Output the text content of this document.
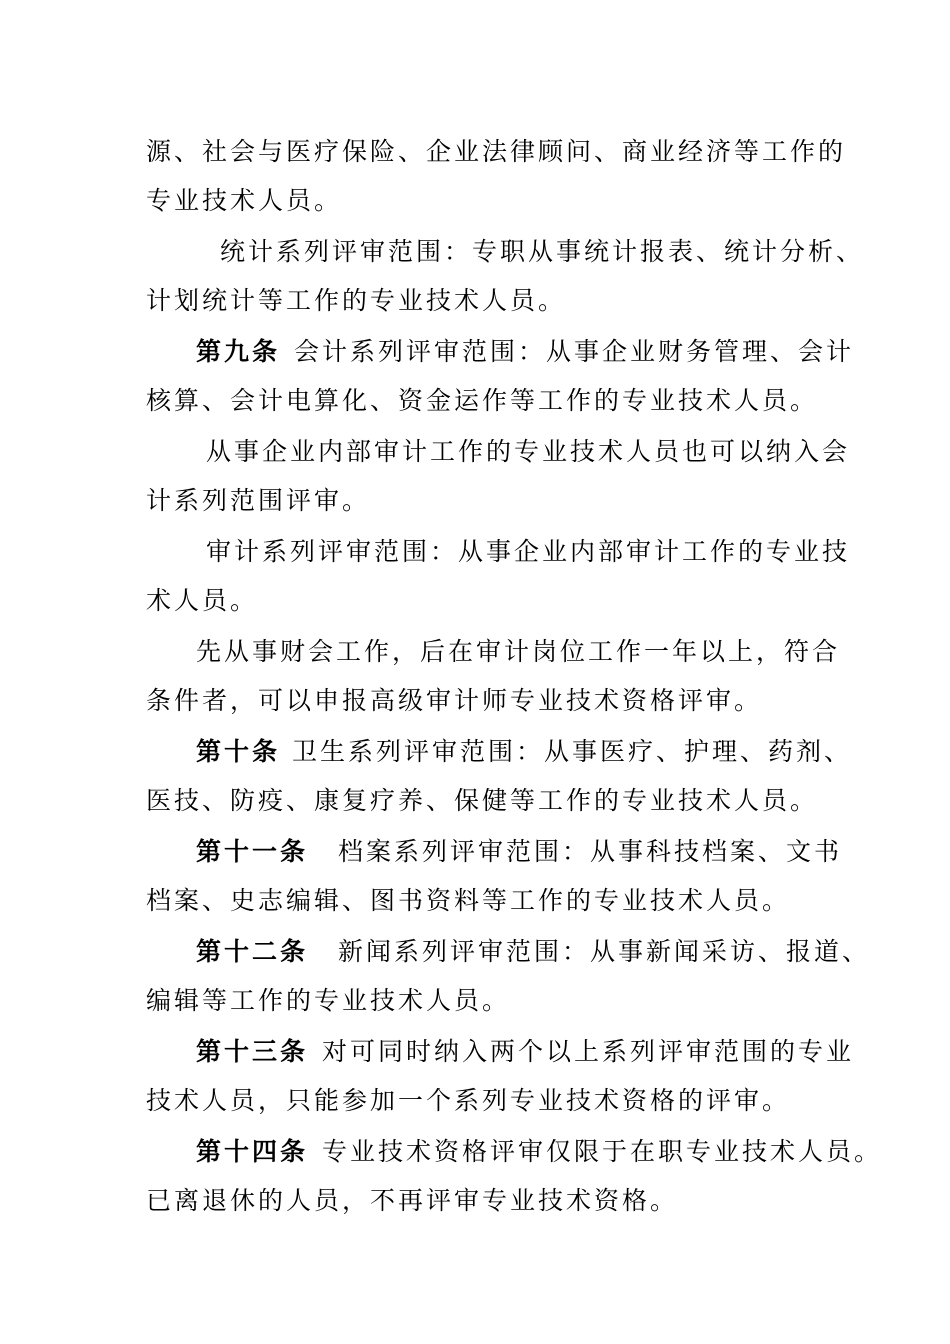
源、社会与医疗保险、企业法律顾问、商业经济等工作的
专业技术人员。
统计系列评审范围：专职从事统计报表、统计分析、
计划统计等工作的专业技术人员。
第九条 会计系列评审范围：从事企业财务管理、会计
核算、会计电算化、资金运作等工作的专业技术人员。
从事企业内部审计工作的专业技术人员也可以纳入会
计系列范围评审。
审计系列评审范围：从事企业内部审计工作的专业技
术人员。
先从事财会工作，后在审计岗位工作一年以上，符合
条件者，可以申报高级审计师专业技术资格评审。
第十条 卫生系列评审范围：从事医疗、护理、药剂、
医技、防疫、康复疗养、保健等工作的专业技术人员。
第十一条 档案系列评审范围：从事科技档案、文书
档案、史志编辑、图书资料等工作的专业技术人员。
第十二条 新闻系列评审范围：从事新闻采访、报道、
编辑等工作的专业技术人员。
第十三条 对可同时纳入两个以上系列评审范围的专业
技术人员，只能参加一个系列专业技术资格的评审。
第十四条 专业技术资格评审仅限于在职专业技术人员。
已离退休的人员，不再评审专业技术资格。
